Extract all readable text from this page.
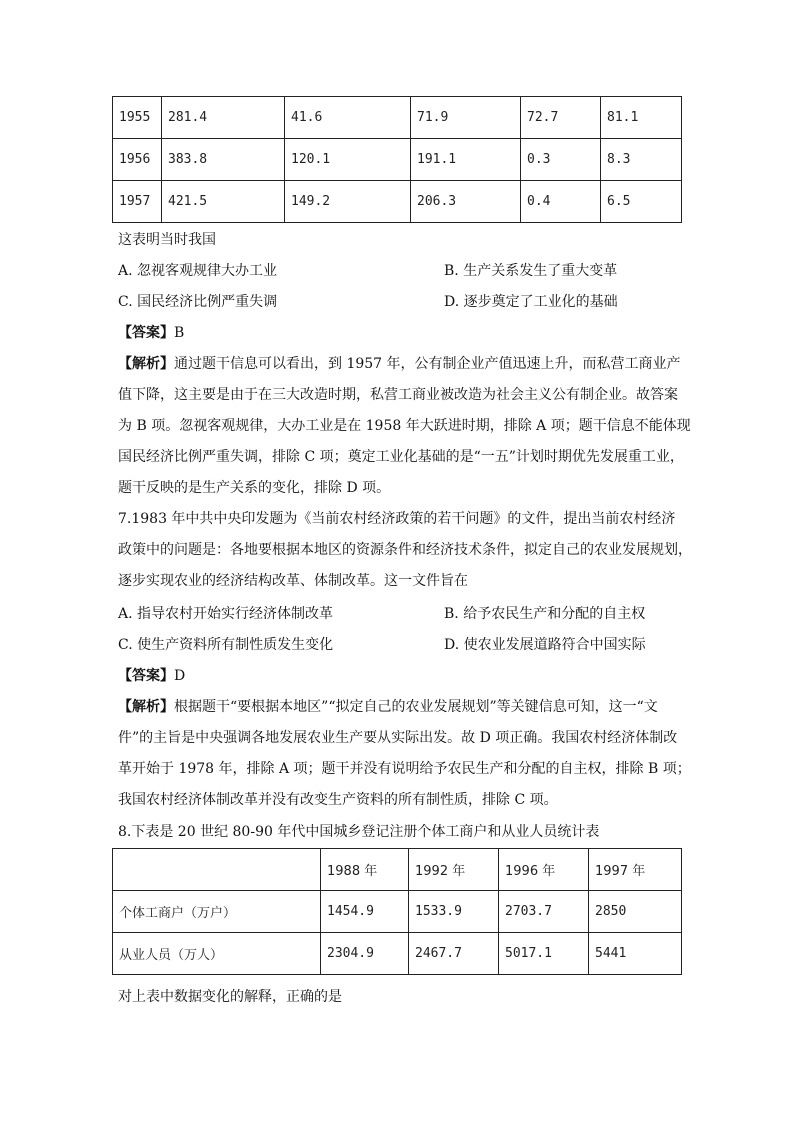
1955	281.4	41.6	71.9	72.7	81.1
1956	383.8	120.1	191.1	0.3	8.3
1957	421.5	149.2	206.3	0.4	6.5
这表明当时我国
A. 忽视客观规律大办工业	B. 生产关系发生了重大变革
C. 国民经济比例严重失调	D. 逐步奠定了工业化的基础
【答案】B
【解析】通过题干信息可以看出，到 1957 年，公有制企业产值迅速上升，而私营工商业产
值下降，这主要是由于在三大改造时期，私营工商业被改造为社会主义公有制企业。故答案
为 B 项。忽视客观规律，大办工业是在 1958 年大跃进时期，排除 A 项；题干信息不能体现
国民经济比例严重失调，排除 C 项；奠定工业化基础的是“一五”计划时期优先发展重工业，
题干反映的是生产关系的变化，排除 D 项。
7.1983 年中共中央印发题为《当前农村经济政策的若干问题》的文件，提出当前农村经济
政策中的问题是：各地要根据本地区的资源条件和经济技术条件，拟定自己的农业发展规划，
逐步实现农业的经济结构改革、体制改革。这一文件旨在
A. 指导农村开始实行经济体制改革	B. 给予农民生产和分配的自主权
C. 使生产资料所有制性质发生变化	D. 使农业发展道路符合中国实际
【答案】D
【解析】根据题干“要根据本地区”“拟定自己的农业发展规划”等关键信息可知，这一“文
件”的主旨是中央强调各地发展农业生产要从实际出发。故 D 项正确。我国农村经济体制改
革开始于 1978 年，排除 A 项；题干并没有说明给予农民生产和分配的自主权，排除 B 项；
我国农村经济体制改革并没有改变生产资料的所有制性质，排除 C 项。
8.下表是 20 世纪 80-90 年代中国城乡登记注册个体工商户和从业人员统计表
	1988 年	1992 年	1996 年	1997 年
个体工商户（万户）	1454.9	1533.9	2703.7	2850
从业人员（万人）	2304.9	2467.7	5017.1	5441
对上表中数据变化的解释，正确的是
